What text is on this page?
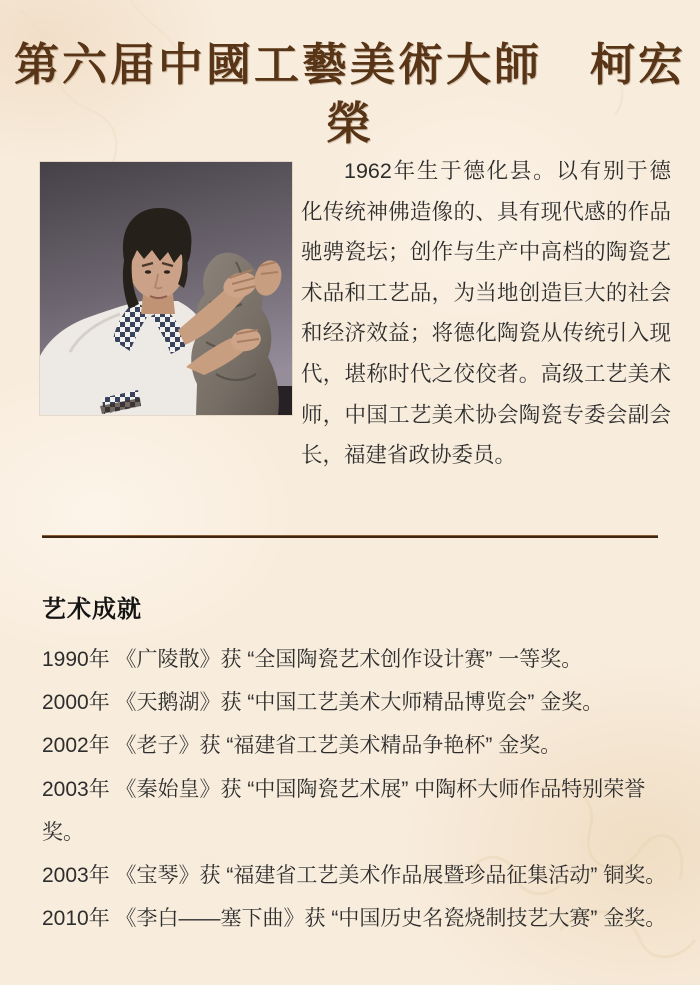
第六届中國工藝美術大師　柯宏榮

1962年生于德化县。以有别于德化传统神佛造像的、具有现代感的作品驰骋瓷坛；创作与生产中高档的陶瓷艺术品和工艺品，为当地创造巨大的社会和经济效益；将德化陶瓷从传统引入现代，堪称时代之佼佼者。高级工艺美术师，中国工艺美术协会陶瓷专委会副会长，福建省政协委员。

艺术成就
1990年 《广陵散》获 “全国陶瓷艺术创作设计赛” 一等奖。
2000年 《天鹅湖》获 “中国工艺美术大师精品博览会” 金奖。
2002年 《老子》获 “福建省工艺美术精品争艳杯” 金奖。
2003年 《秦始皇》获 “中国陶瓷艺术展” 中陶杯大师作品特别荣誉奖。
2003年 《宝琴》获 “福建省工艺美术作品展暨珍品征集活动” 铜奖。
2010年 《李白——塞下曲》获 “中国历史名瓷烧制技艺大赛” 金奖。
